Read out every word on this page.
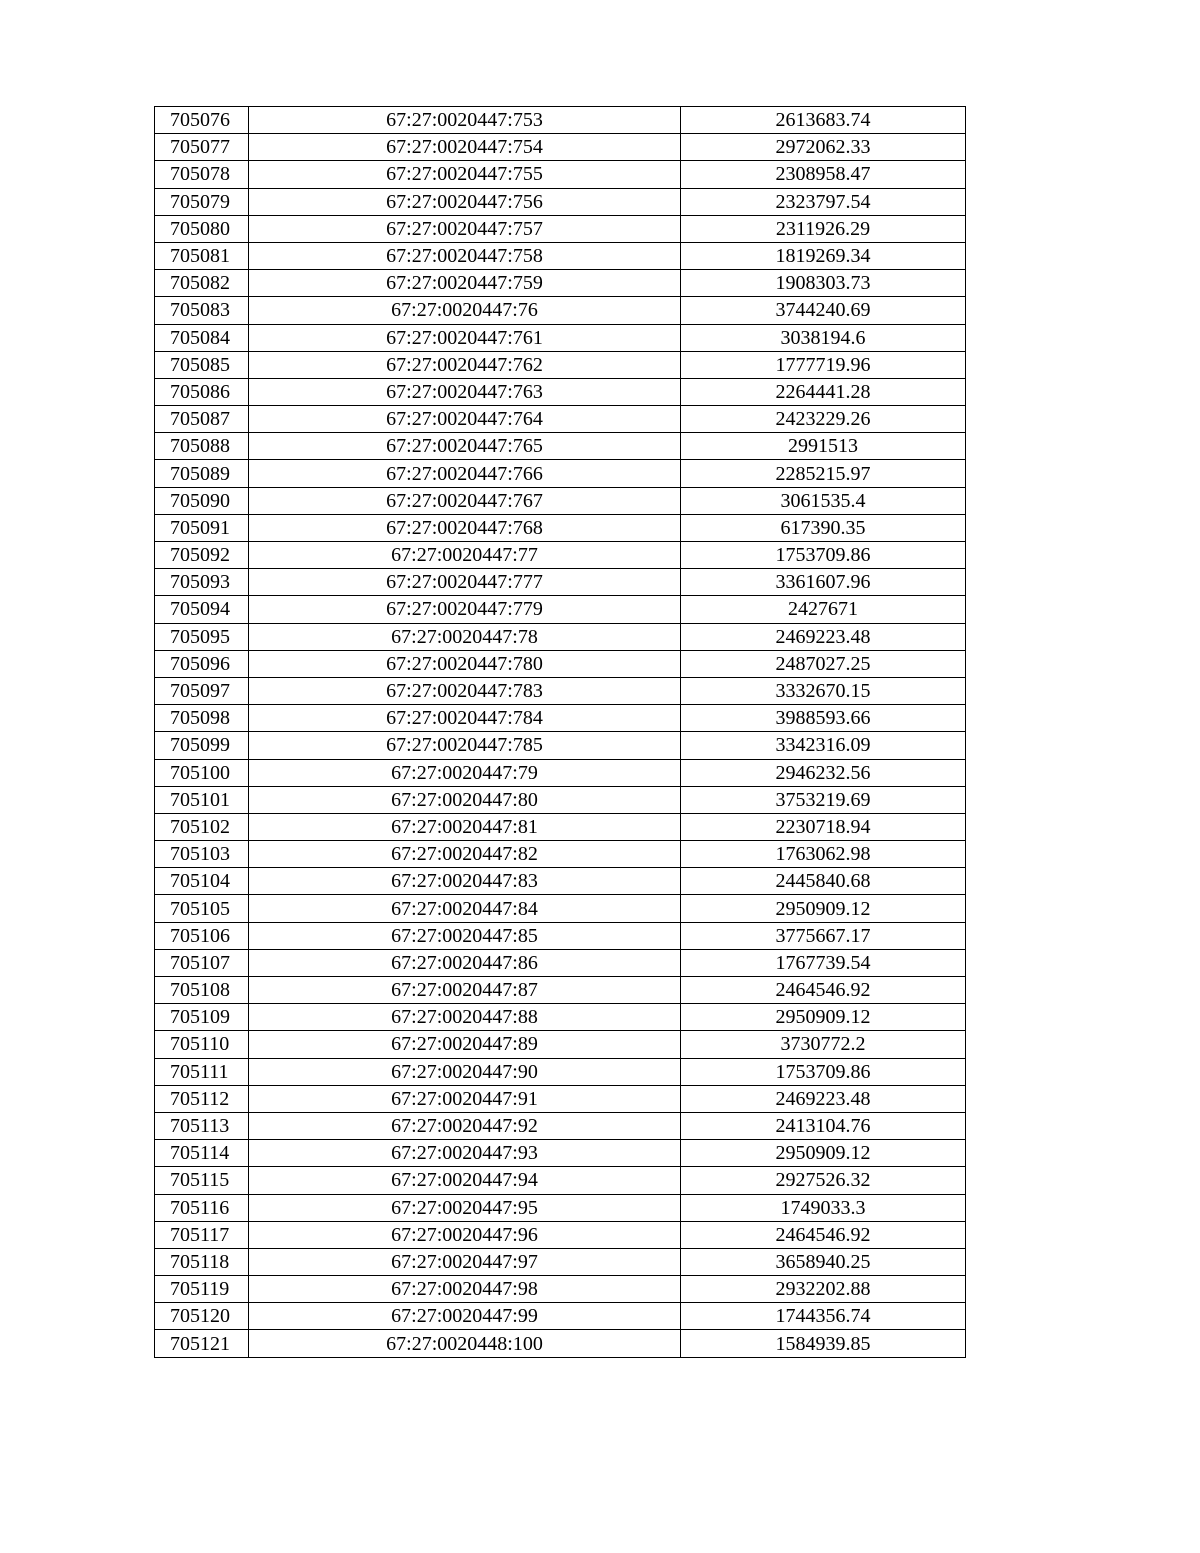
705076	67:27:0020447:753	2613683.74
705077	67:27:0020447:754	2972062.33
705078	67:27:0020447:755	2308958.47
705079	67:27:0020447:756	2323797.54
705080	67:27:0020447:757	2311926.29
705081	67:27:0020447:758	1819269.34
705082	67:27:0020447:759	1908303.73
705083	67:27:0020447:76	3744240.69
705084	67:27:0020447:761	3038194.6
705085	67:27:0020447:762	1777719.96
705086	67:27:0020447:763	2264441.28
705087	67:27:0020447:764	2423229.26
705088	67:27:0020447:765	2991513
705089	67:27:0020447:766	2285215.97
705090	67:27:0020447:767	3061535.4
705091	67:27:0020447:768	617390.35
705092	67:27:0020447:77	1753709.86
705093	67:27:0020447:777	3361607.96
705094	67:27:0020447:779	2427671
705095	67:27:0020447:78	2469223.48
705096	67:27:0020447:780	2487027.25
705097	67:27:0020447:783	3332670.15
705098	67:27:0020447:784	3988593.66
705099	67:27:0020447:785	3342316.09
705100	67:27:0020447:79	2946232.56
705101	67:27:0020447:80	3753219.69
705102	67:27:0020447:81	2230718.94
705103	67:27:0020447:82	1763062.98
705104	67:27:0020447:83	2445840.68
705105	67:27:0020447:84	2950909.12
705106	67:27:0020447:85	3775667.17
705107	67:27:0020447:86	1767739.54
705108	67:27:0020447:87	2464546.92
705109	67:27:0020447:88	2950909.12
705110	67:27:0020447:89	3730772.2
705111	67:27:0020447:90	1753709.86
705112	67:27:0020447:91	2469223.48
705113	67:27:0020447:92	2413104.76
705114	67:27:0020447:93	2950909.12
705115	67:27:0020447:94	2927526.32
705116	67:27:0020447:95	1749033.3
705117	67:27:0020447:96	2464546.92
705118	67:27:0020447:97	3658940.25
705119	67:27:0020447:98	2932202.88
705120	67:27:0020447:99	1744356.74
705121	67:27:0020448:100	1584939.85
